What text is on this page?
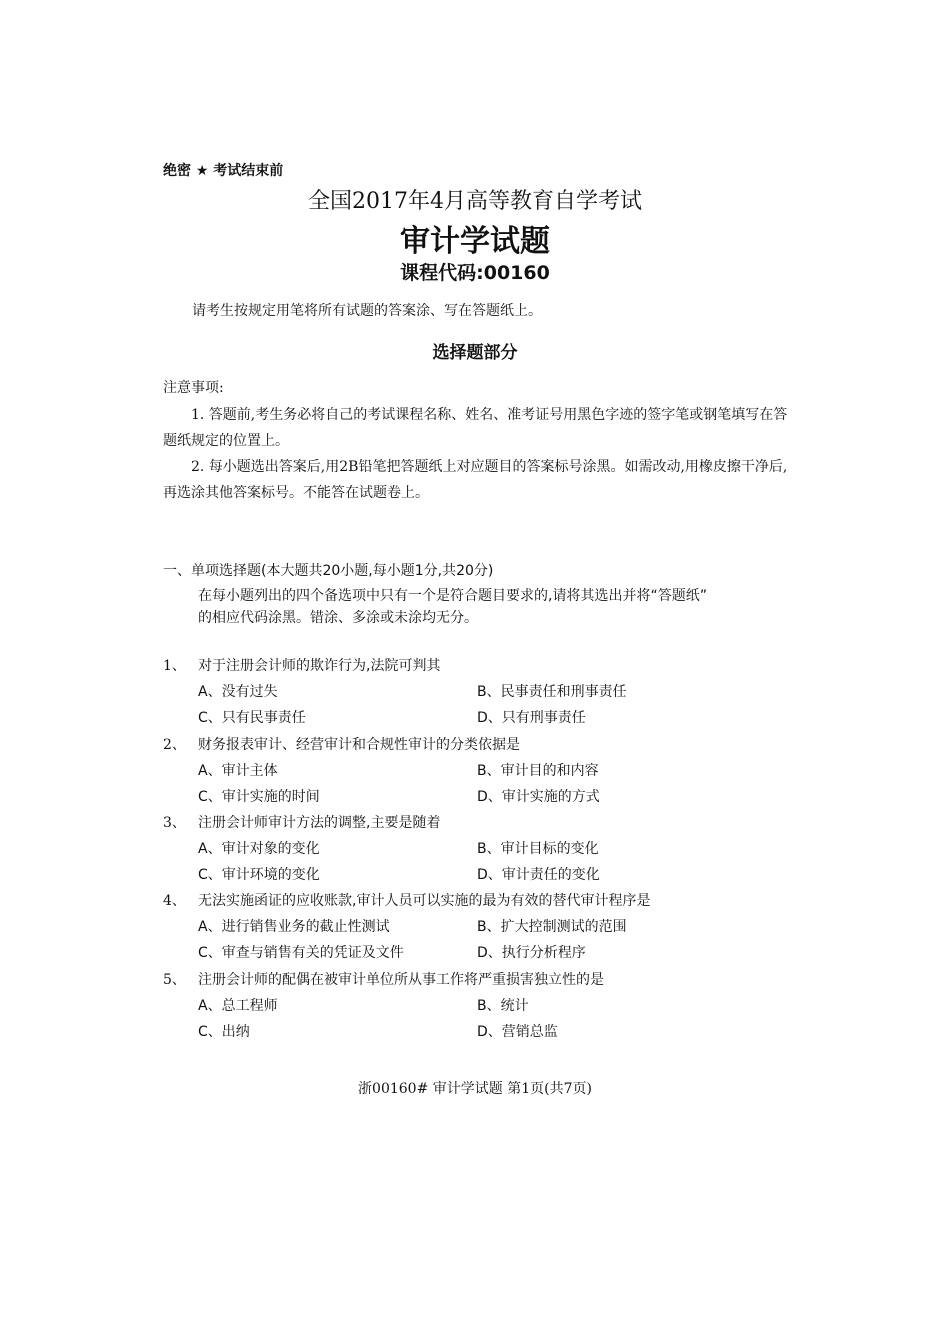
绝密 ★ 考试结束前
全国2017年4月高等教育自学考试
审计学试题
课程代码:00160
请考生按规定用笔将所有试题的答案涂、写在答题纸上。
选择题部分
注意事项:
1. 答题前,考生务必将自己的考试课程名称、姓名、准考证号用黑色字迹的签字笔或钢笔填写在答题纸规定的位置上。
2. 每小题选出答案后,用2B铅笔把答题纸上对应题目的答案标号涂黑。如需改动,用橡皮擦干净后,再选涂其他答案标号。不能答在试题卷上。
一、单项选择题(本大题共20小题,每小题1分,共20分)
在每小题列出的四个备选项中只有一个是符合题目要求的,请将其选出并将“答题纸”
的相应代码涂黑。错涂、多涂或未涂均无分。
1、 对于注册会计师的欺诈行为,法院可判其
A、没有过失	B、民事责任和刑事责任
C、只有民事责任	D、只有刑事责任
2、 财务报表审计、经营审计和合规性审计的分类依据是
A、审计主体	B、审计目的和内容
C、审计实施的时间	D、审计实施的方式
3、 注册会计师审计方法的调整,主要是随着
A、审计对象的变化	B、审计目标的变化
C、审计环境的变化	D、审计责任的变化
4、 无法实施函证的应收账款,审计人员可以实施的最为有效的替代审计程序是
A、进行销售业务的截止性测试	B、扩大控制测试的范围
C、审查与销售有关的凭证及文件	D、执行分析程序
5、 注册会计师的配偶在被审计单位所从事工作将严重损害独立性的是
A、总工程师	B、统计
C、出纳	D、营销总监
浙00160# 审计学试题 第1页(共7页)
